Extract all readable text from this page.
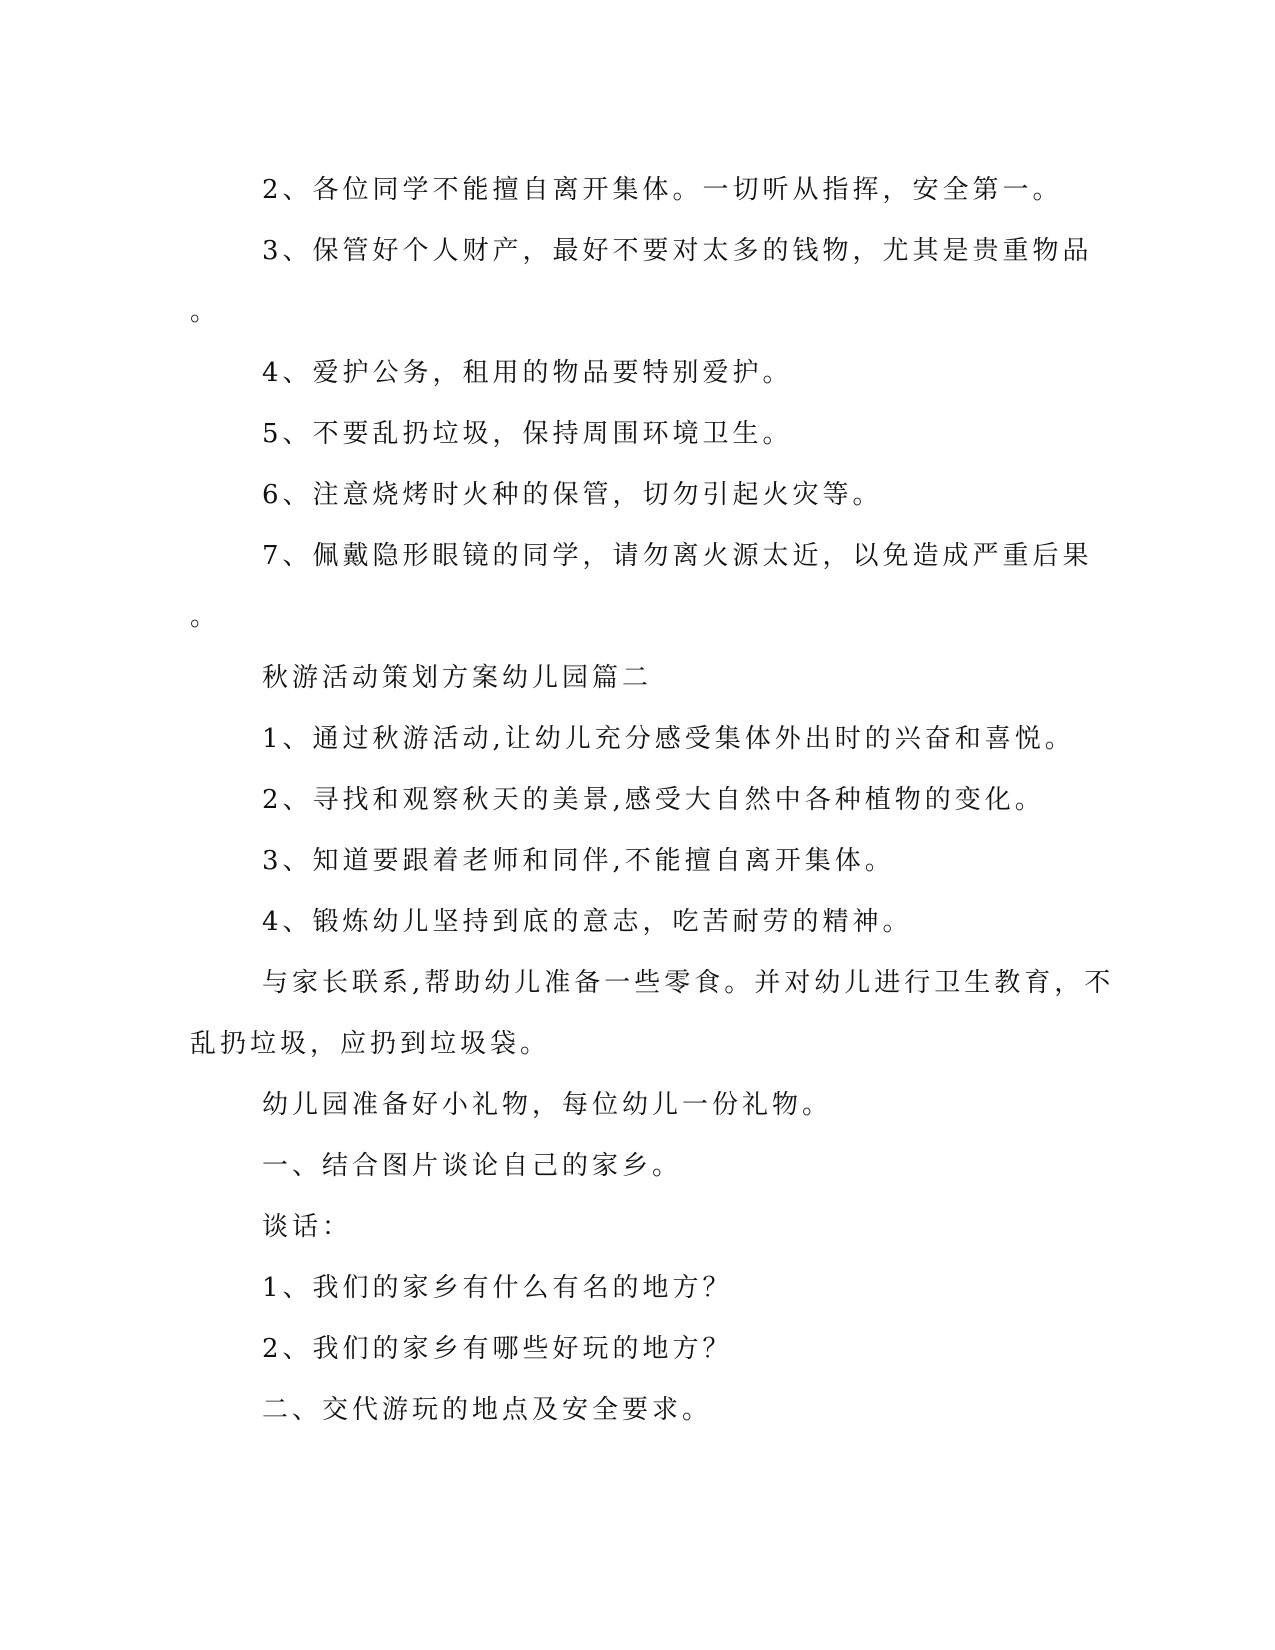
2、各位同学不能擅自离开集体。一切听从指挥，安全第一。
3、保管好个人财产，最好不要对太多的钱物，尤其是贵重物品
。
4、爱护公务，租用的物品要特别爱护。
5、不要乱扔垃圾，保持周围环境卫生。
6、注意烧烤时火种的保管，切勿引起火灾等。
7、佩戴隐形眼镜的同学，请勿离火源太近，以免造成严重后果
。
秋游活动策划方案幼儿园篇二
1、通过秋游活动,让幼儿充分感受集体外出时的兴奋和喜悦。
2、寻找和观察秋天的美景,感受大自然中各种植物的变化。
3、知道要跟着老师和同伴,不能擅自离开集体。
4、锻炼幼儿坚持到底的意志，吃苦耐劳的精神。
与家长联系,帮助幼儿准备一些零食。并对幼儿进行卫生教育，不
乱扔垃圾，应扔到垃圾袋。
幼儿园准备好小礼物，每位幼儿一份礼物。
一、结合图片谈论自己的家乡。
谈话：
1、我们的家乡有什么有名的地方？
2、我们的家乡有哪些好玩的地方？
二、交代游玩的地点及安全要求。
